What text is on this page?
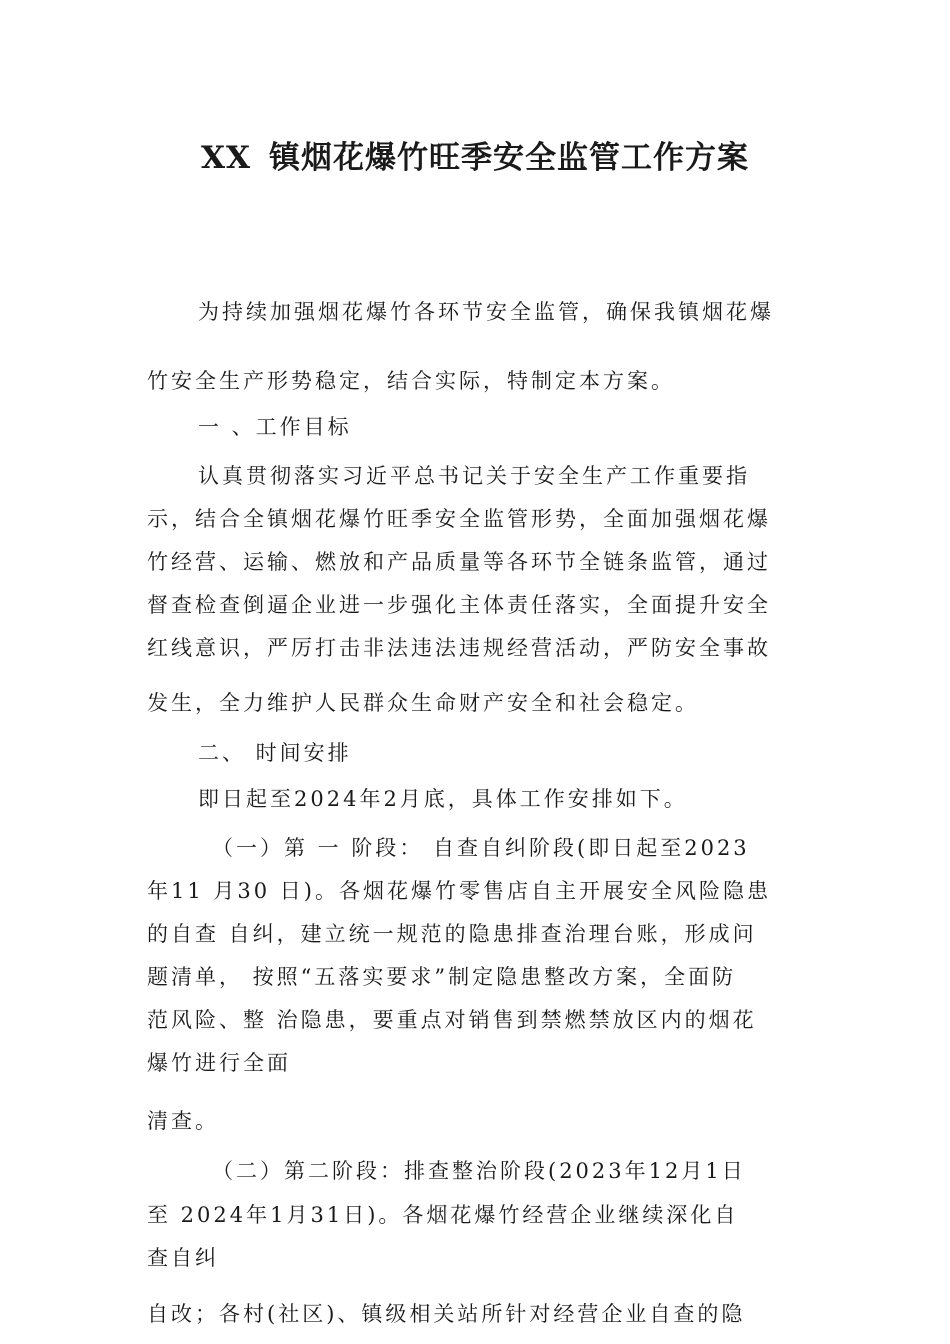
XX 镇烟花爆竹旺季安全监管工作方案

为持续加强烟花爆竹各环节安全监管，确保我镇烟花爆

竹安全生产形势稳定，结合实际，特制定本方案。

一 、工作目标

认真贯彻落实习近平总书记关于安全生产工作重要指

示，结合全镇烟花爆竹旺季安全监管形势，全面加强烟花爆

竹经营、运输、燃放和产品质量等各环节全链条监管，通过

督查检查倒逼企业进一步强化主体责任落实，全面提升安全

红线意识，严厉打击非法违法违规经营活动，严防安全事故

发生，全力维护人民群众生命财产安全和社会稳定。

二、 时间安排

即日起至2024年2月底，具体工作安排如下。

（一）第 一 阶段： 自查自纠阶段(即日起至2023

年11 月30 日)。各烟花爆竹零售店自主开展安全风险隐患

的自查 自纠，建立统一规范的隐患排查治理台账，形成问

题清单， 按照“五落实要求”制定隐患整改方案，全面防

范风险、整 治隐患，要重点对销售到禁燃禁放区内的烟花

爆竹进行全面

清查。

（二）第二阶段：排查整治阶段(2023年12月1日

至 2024年1月31日)。各烟花爆竹经营企业继续深化自

查自纠

自改；各村(社区)、镇级相关站所针对经营企业自查的隐
